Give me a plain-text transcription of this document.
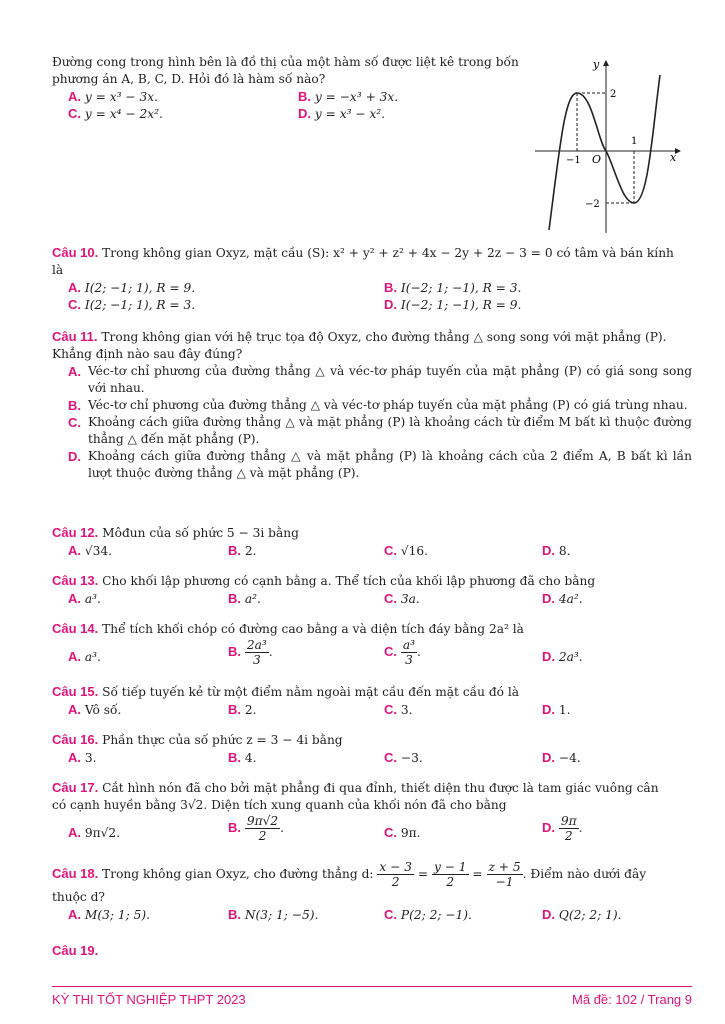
Đường cong trong hình bên là đồ thị của một hàm số được liệt kê trong bốn
phương án A, B, C, D. Hỏi đó là hàm số nào?
A. y = x³ − 3x.	B. y = −x³ + 3x.
C. y = x⁴ − 2x².	D. y = x³ − x².
y
x
O
2
−2
−1
1
Câu 10. Trong không gian Oxyz, mặt cầu (S): x² + y² + z² + 4x − 2y + 2z − 3 = 0 có tâm và bán kính
là
A. I(2; −1; 1), R = 9.	B. I(−2; 1; −1), R = 3.
C. I(2; −1; 1), R = 3.	D. I(−2; 1; −1), R = 9.
Câu 11. Trong không gian với hệ trục tọa độ Oxyz, cho đường thẳng △ song song với mặt phẳng (P).
Khẳng định nào sau đây đúng?
A. Véc-tơ chỉ phương của đường thẳng △ và véc-tơ pháp tuyến của mặt phẳng (P) có giá song song với nhau.
B. Véc-tơ chỉ phương của đường thẳng △ và véc-tơ pháp tuyến của mặt phẳng (P) có giá trùng nhau.
C. Khoảng cách giữa đường thẳng △ và mặt phẳng (P) là khoảng cách từ điểm M bất kì thuộc đường thẳng △ đến mặt phẳng (P).
D. Khoảng cách giữa đường thẳng △ và mặt phẳng (P) là khoảng cách của 2 điểm A, B bất kì lần lượt thuộc đường thẳng △ và mặt phẳng (P).
Câu 12. Môđun của số phức 5 − 3i bằng
A. √34.	B. 2.	C. √16.	D. 8.
Câu 13. Cho khối lập phương có cạnh bằng a. Thể tích của khối lập phương đã cho bằng
A. a³.	B. a².	C. 3a.	D. 4a².
Câu 14. Thể tích khối chóp có đường cao bằng a và diện tích đáy bằng 2a² là
A. a³.	B. $\frac{\text{2a³}}{3}$ .	C. $\frac{\text{a³}}{3}$ .	D. 2a³.
Câu 15. Số tiếp tuyến kẻ từ một điểm nằm ngoài mặt cầu đến mặt cầu đó là
A. Vô số.	B. 2.	C. 3.	D. 1.
Câu 16. Phần thực của số phức z = 3 − 4i bằng
A. 3.	B. 4.	C. −3.	D. −4.
Câu 17. Cắt hình nón đã cho bởi mặt phẳng đi qua đỉnh, thiết diện thu được là tam giác vuông cân
có cạnh huyền bằng 3√2. Diện tích xung quanh của khối nón đã cho bằng
A. 9π√2.	B. $\frac{9\pi√2}{2}$ .	C. 9π.	D. $\frac{9\pi}{2}$ .
Câu 18. Trong không gian Oxyz, cho đường thẳng d: $\frac{x - 3}{2} = \frac{y - 1}{2} = \frac{z + 5}{-1}$ . Điểm nào dưới đây
thuộc d?
A. M(3; 1; 5).	B. N(3; 1; −5).	C. P(2; 2; −1).	D. Q(2; 2; 1).
Câu 19.
KỲ THI TỐT NGHIỆP THPT 2023	Mã đề: 102 / Trang 9
